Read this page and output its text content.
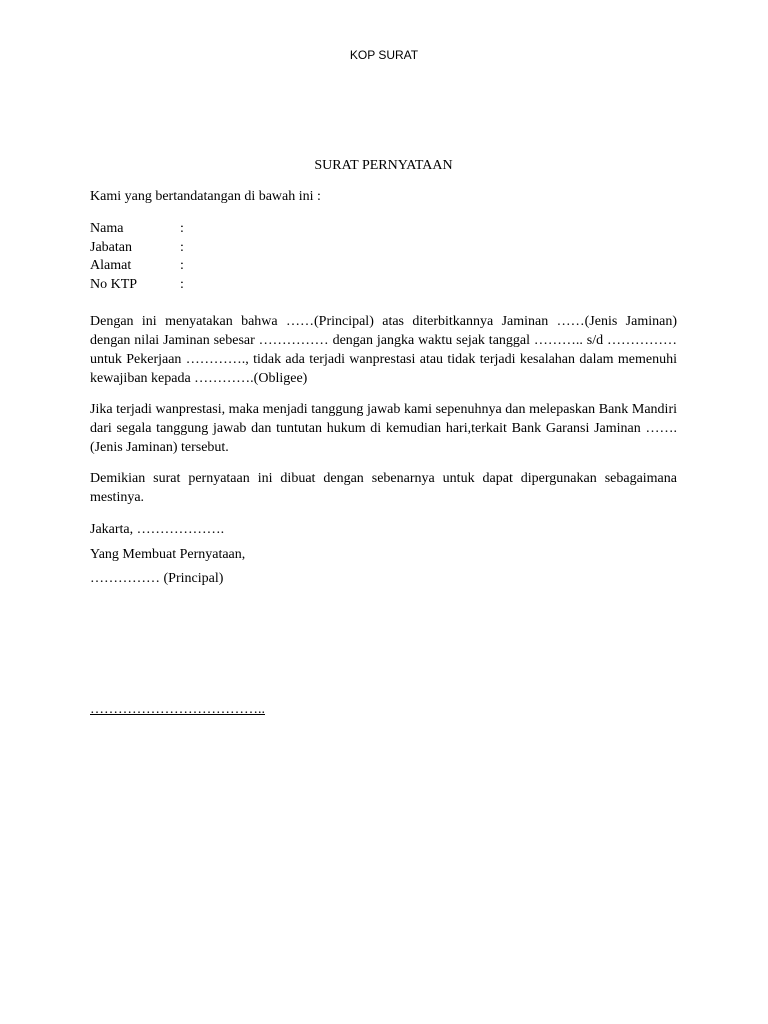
KOP SURAT
SURAT PERNYATAAN
Kami yang bertandatangan di bawah ini :
Nama	:
Jabatan	:
Alamat	:
No KTP	:

Dengan ini menyatakan bahwa ……(Principal) atas diterbitkannya Jaminan ……(Jenis Jaminan) dengan nilai Jaminan sebesar …………… dengan jangka waktu sejak tanggal ……….. s/d …………… untuk Pekerjaan …………., tidak ada terjadi wanprestasi atau tidak terjadi kesalahan dalam memenuhi kewajiban kepada ………….(Obligee)

Jika terjadi wanprestasi, maka menjadi tanggung jawab kami sepenuhnya dan melepaskan Bank Mandiri dari segala tanggung jawab dan tuntutan hukum di kemudian hari,terkait Bank Garansi Jaminan ……. (Jenis Jaminan) tersebut.

Demikian surat pernyataan ini dibuat dengan sebenarnya untuk dapat dipergunakan sebagaimana mestinya.

Jakarta, ……………….
Yang Membuat Pernyataan,
…………… (Principal)
………………………………..
